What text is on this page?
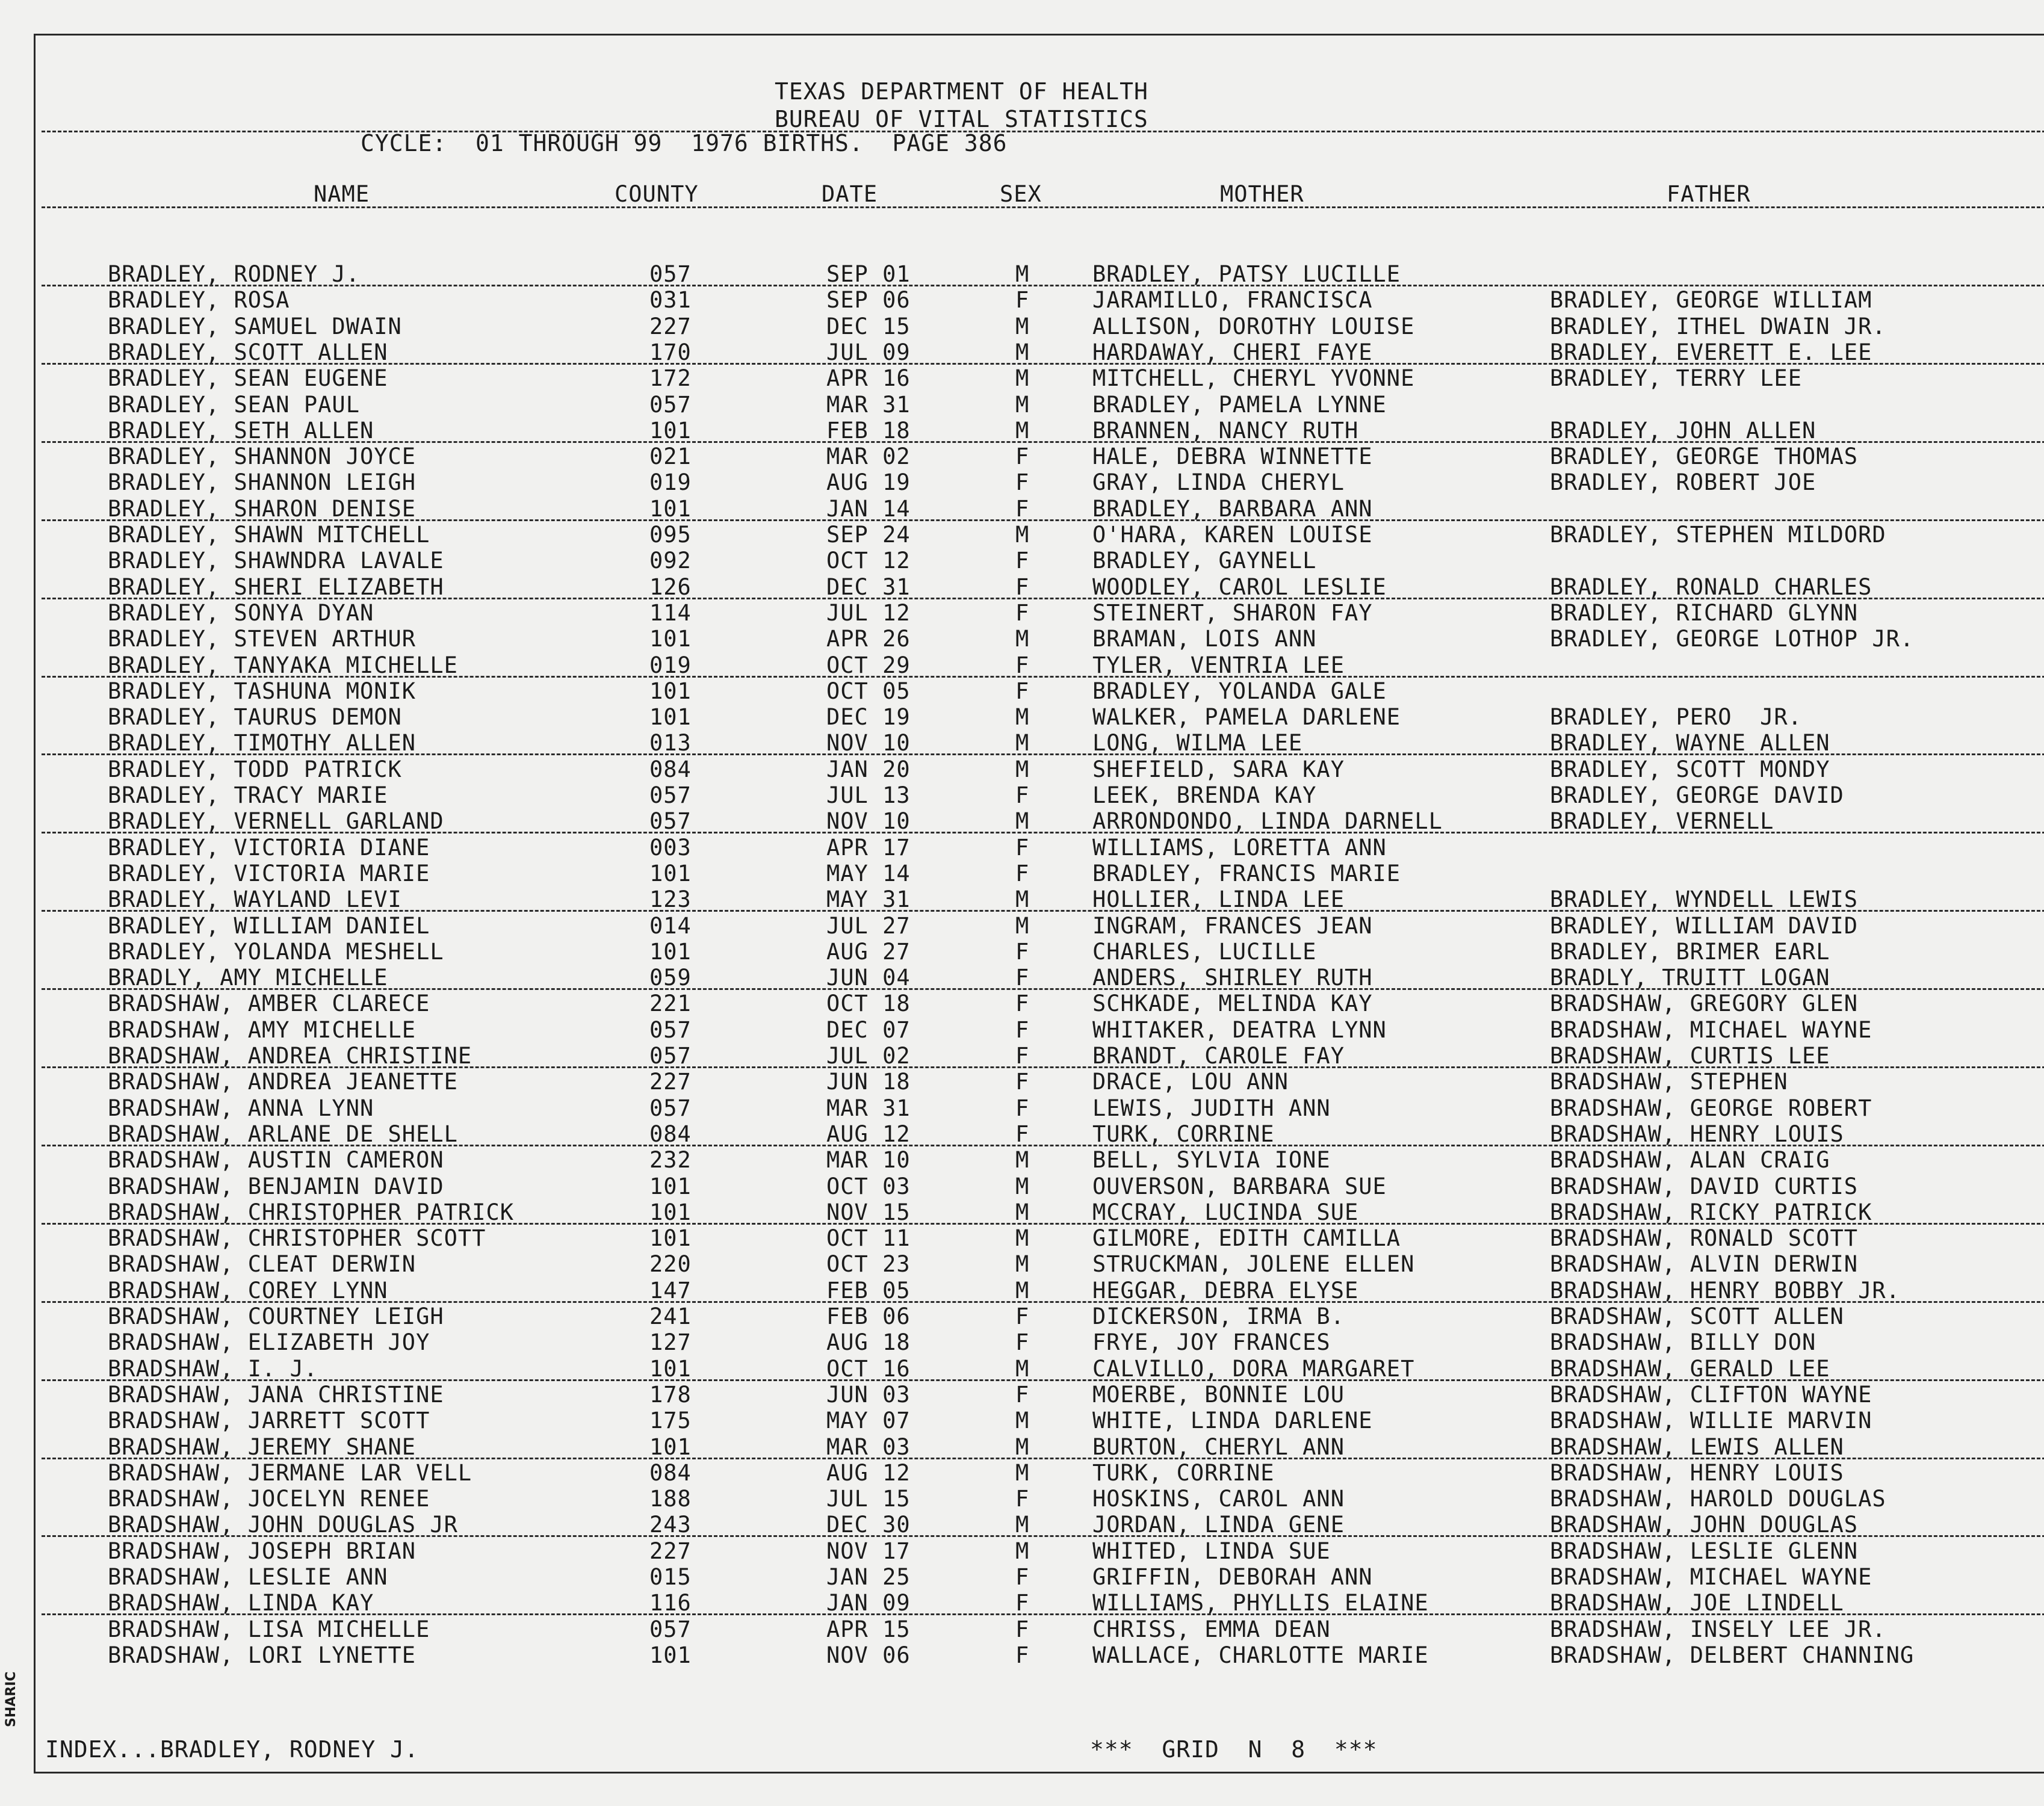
TEXAS DEPARTMENT OF HEALTH
BUREAU OF VITAL STATISTICS
CYCLE:  01 THROUGH 99  1976 BIRTHS.  PAGE 386
NAME	COUNTY	DATE	SEX	MOTHER	FATHER
BRADLEY, RODNEY J.	057	SEP 01	M	BRADLEY, PATSY LUCILLE
BRADLEY, ROSA	031	SEP 06	F	JARAMILLO, FRANCISCA	BRADLEY, GEORGE WILLIAM
BRADLEY, SAMUEL DWAIN	227	DEC 15	M	ALLISON, DOROTHY LOUISE	BRADLEY, ITHEL DWAIN JR.
BRADLEY, SCOTT ALLEN	170	JUL 09	M	HARDAWAY, CHERI FAYE	BRADLEY, EVERETT E. LEE
BRADLEY, SEAN EUGENE	172	APR 16	M	MITCHELL, CHERYL YVONNE	BRADLEY, TERRY LEE
BRADLEY, SEAN PAUL	057	MAR 31	M	BRADLEY, PAMELA LYNNE
BRADLEY, SETH ALLEN	101	FEB 18	M	BRANNEN, NANCY RUTH	BRADLEY, JOHN ALLEN
BRADLEY, SHANNON JOYCE	021	MAR 02	F	HALE, DEBRA WINNETTE	BRADLEY, GEORGE THOMAS
BRADLEY, SHANNON LEIGH	019	AUG 19	F	GRAY, LINDA CHERYL	BRADLEY, ROBERT JOE
BRADLEY, SHARON DENISE	101	JAN 14	F	BRADLEY, BARBARA ANN
BRADLEY, SHAWN MITCHELL	095	SEP 24	M	O'HARA, KAREN LOUISE	BRADLEY, STEPHEN MILDORD
BRADLEY, SHAWNDRA LAVALE	092	OCT 12	F	BRADLEY, GAYNELL
BRADLEY, SHERI ELIZABETH	126	DEC 31	F	WOODLEY, CAROL LESLIE	BRADLEY, RONALD CHARLES
BRADLEY, SONYA DYAN	114	JUL 12	F	STEINERT, SHARON FAY	BRADLEY, RICHARD GLYNN
BRADLEY, STEVEN ARTHUR	101	APR 26	M	BRAMAN, LOIS ANN	BRADLEY, GEORGE LOTHOP JR.
BRADLEY, TANYAKA MICHELLE	019	OCT 29	F	TYLER, VENTRIA LEE
BRADLEY, TASHUNA MONIK	101	OCT 05	F	BRADLEY, YOLANDA GALE
BRADLEY, TAURUS DEMON	101	DEC 19	M	WALKER, PAMELA DARLENE	BRADLEY, PERO  JR.
BRADLEY, TIMOTHY ALLEN	013	NOV 10	M	LONG, WILMA LEE	BRADLEY, WAYNE ALLEN
BRADLEY, TODD PATRICK	084	JAN 20	M	SHEFIELD, SARA KAY	BRADLEY, SCOTT MONDY
BRADLEY, TRACY MARIE	057	JUL 13	F	LEEK, BRENDA KAY	BRADLEY, GEORGE DAVID
BRADLEY, VERNELL GARLAND	057	NOV 10	M	ARRONDONDO, LINDA DARNELL	BRADLEY, VERNELL
BRADLEY, VICTORIA DIANE	003	APR 17	F	WILLIAMS, LORETTA ANN
BRADLEY, VICTORIA MARIE	101	MAY 14	F	BRADLEY, FRANCIS MARIE
BRADLEY, WAYLAND LEVI	123	MAY 31	M	HOLLIER, LINDA LEE	BRADLEY, WYNDELL LEWIS
BRADLEY, WILLIAM DANIEL	014	JUL 27	M	INGRAM, FRANCES JEAN	BRADLEY, WILLIAM DAVID
BRADLEY, YOLANDA MESHELL	101	AUG 27	F	CHARLES, LUCILLE	BRADLEY, BRIMER EARL
BRADLY, AMY MICHELLE	059	JUN 04	F	ANDERS, SHIRLEY RUTH	BRADLY, TRUITT LOGAN
BRADSHAW, AMBER CLARECE	221	OCT 18	F	SCHKADE, MELINDA KAY	BRADSHAW, GREGORY GLEN
BRADSHAW, AMY MICHELLE	057	DEC 07	F	WHITAKER, DEATRA LYNN	BRADSHAW, MICHAEL WAYNE
BRADSHAW, ANDREA CHRISTINE	057	JUL 02	F	BRANDT, CAROLE FAY	BRADSHAW, CURTIS LEE
BRADSHAW, ANDREA JEANETTE	227	JUN 18	F	DRACE, LOU ANN	BRADSHAW, STEPHEN
BRADSHAW, ANNA LYNN	057	MAR 31	F	LEWIS, JUDITH ANN	BRADSHAW, GEORGE ROBERT
BRADSHAW, ARLANE DE SHELL	084	AUG 12	F	TURK, CORRINE	BRADSHAW, HENRY LOUIS
BRADSHAW, AUSTIN CAMERON	232	MAR 10	M	BELL, SYLVIA IONE	BRADSHAW, ALAN CRAIG
BRADSHAW, BENJAMIN DAVID	101	OCT 03	M	OUVERSON, BARBARA SUE	BRADSHAW, DAVID CURTIS
BRADSHAW, CHRISTOPHER PATRICK	101	NOV 15	M	MCCRAY, LUCINDA SUE	BRADSHAW, RICKY PATRICK
BRADSHAW, CHRISTOPHER SCOTT	101	OCT 11	M	GILMORE, EDITH CAMILLA	BRADSHAW, RONALD SCOTT
BRADSHAW, CLEAT DERWIN	220	OCT 23	M	STRUCKMAN, JOLENE ELLEN	BRADSHAW, ALVIN DERWIN
BRADSHAW, COREY LYNN	147	FEB 05	M	HEGGAR, DEBRA ELYSE	BRADSHAW, HENRY BOBBY JR.
BRADSHAW, COURTNEY LEIGH	241	FEB 06	F	DICKERSON, IRMA B.	BRADSHAW, SCOTT ALLEN
BRADSHAW, ELIZABETH JOY	127	AUG 18	F	FRYE, JOY FRANCES	BRADSHAW, BILLY DON
BRADSHAW, I. J.	101	OCT 16	M	CALVILLO, DORA MARGARET	BRADSHAW, GERALD LEE
BRADSHAW, JANA CHRISTINE	178	JUN 03	F	MOERBE, BONNIE LOU	BRADSHAW, CLIFTON WAYNE
BRADSHAW, JARRETT SCOTT	175	MAY 07	M	WHITE, LINDA DARLENE	BRADSHAW, WILLIE MARVIN
BRADSHAW, JEREMY SHANE	101	MAR 03	M	BURTON, CHERYL ANN	BRADSHAW, LEWIS ALLEN
BRADSHAW, JERMANE LAR VELL	084	AUG 12	M	TURK, CORRINE	BRADSHAW, HENRY LOUIS
BRADSHAW, JOCELYN RENEE	188	JUL 15	F	HOSKINS, CAROL ANN	BRADSHAW, HAROLD DOUGLAS
BRADSHAW, JOHN DOUGLAS JR	243	DEC 30	M	JORDAN, LINDA GENE	BRADSHAW, JOHN DOUGLAS
BRADSHAW, JOSEPH BRIAN	227	NOV 17	M	WHITED, LINDA SUE	BRADSHAW, LESLIE GLENN
BRADSHAW, LESLIE ANN	015	JAN 25	F	GRIFFIN, DEBORAH ANN	BRADSHAW, MICHAEL WAYNE
BRADSHAW, LINDA KAY	116	JAN 09	F	WILLIAMS, PHYLLIS ELAINE	BRADSHAW, JOE LINDELL
BRADSHAW, LISA MICHELLE	057	APR 15	F	CHRISS, EMMA DEAN	BRADSHAW, INSELY LEE JR.
BRADSHAW, LORI LYNETTE	101	NOV 06	F	WALLACE, CHARLOTTE MARIE	BRADSHAW, DELBERT CHANNING
INDEX...BRADLEY, RODNEY J.	***  GRID  N  8  ***
SHARIC
